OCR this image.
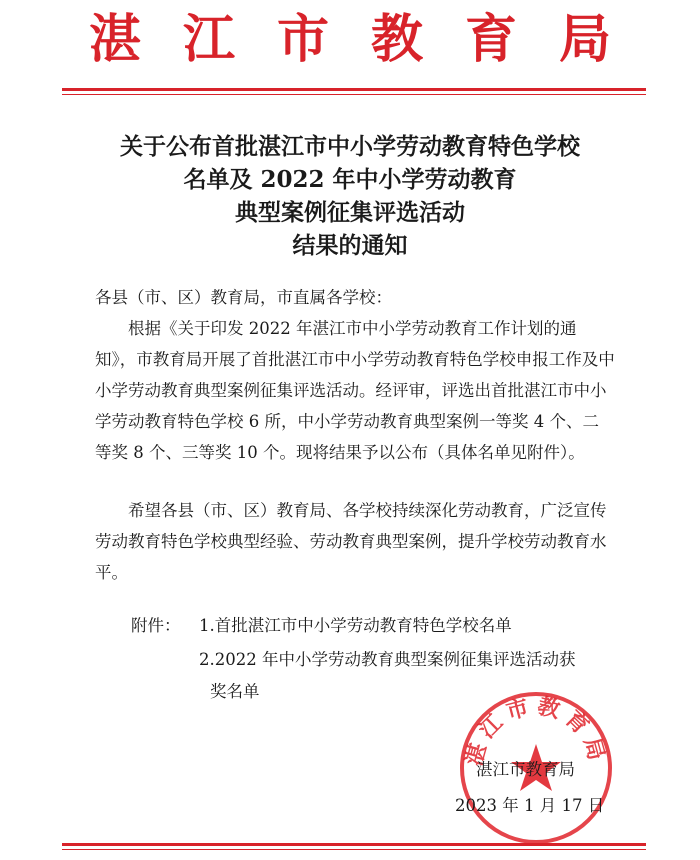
湛江市教育局
关于公布首批湛江市中小学劳动教育特色学校
名单及 2022 年中小学劳动教育
典型案例征集评选活动
结果的通知
各县（市、区）教育局，市直属各学校：
根据《关于印发 2022 年湛江市中小学劳动教育工作计划的通知》，市教育局开展了首批湛江市中小学劳动教育特色学校申报工作及中小学劳动教育典型案例征集评选活动。经评审，评选出首批湛江市中小学劳动教育特色学校 6 所，中小学劳动教育典型案例一等奖 4 个、二等奖 8 个、三等奖 10 个。现将结果予以公布（具体名单见附件）。
希望各县（市、区）教育局、各学校持续深化劳动教育，广泛宣传劳动教育特色学校典型经验、劳动教育典型案例，提升学校劳动教育水平。
附件： 1.首批湛江市中小学劳动教育特色学校名单
2.2022 年中小学劳动教育典型案例征集评选活动获
奖名单
湛江市教育局
湛江市教育局
2023 年 1 月 17 日
